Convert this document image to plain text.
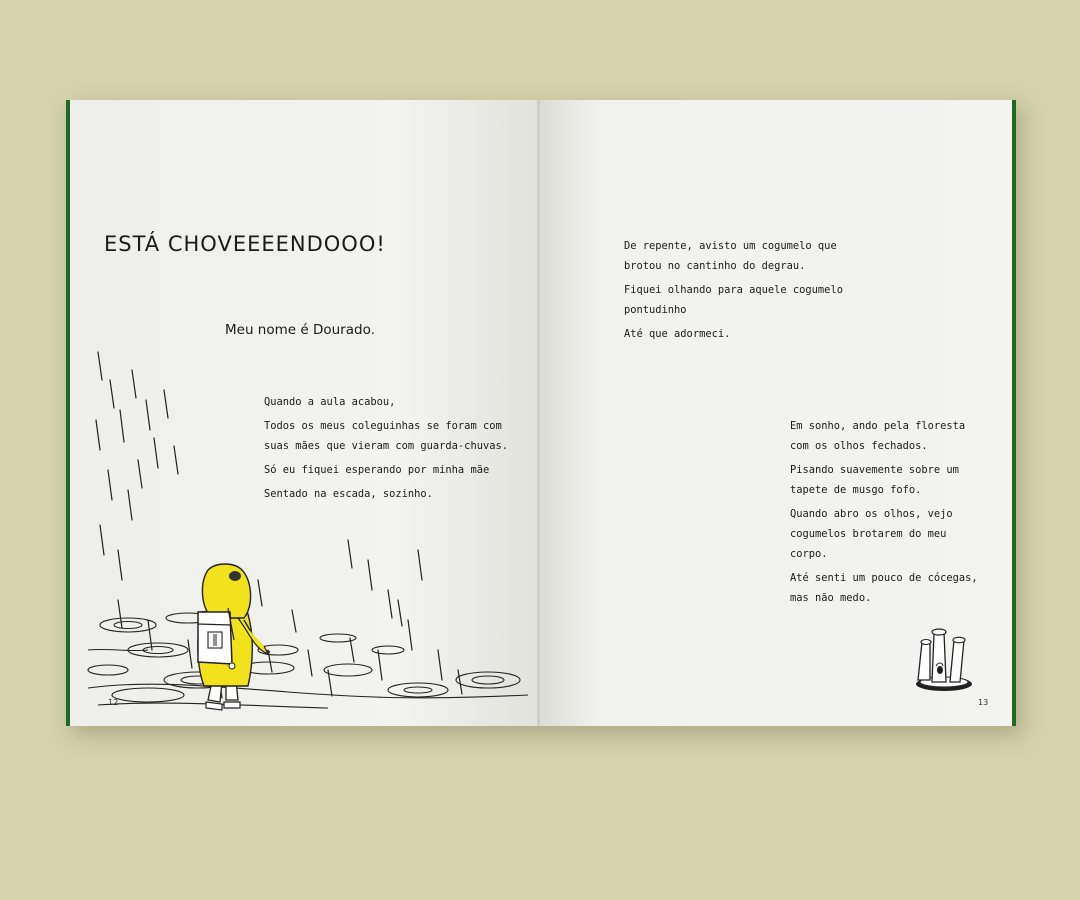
ESTÁ CHOVEEEENDOOO!
Meu nome é Dourado.

Quando a aula acabou,

Todos os meus coleguinhas se foram com suas mães que vieram com guarda-chuvas.

Só eu fiquei esperando por minha mãe

Sentado na escada, sozinho.

12

De repente, avisto um cogumelo que brotou no cantinho do degrau.

Fiquei olhando para aquele cogumelo pontudinho

Até que adormeci.

Em sonho, ando pela floresta com os olhos fechados.

Pisando suavemente sobre um tapete de musgo fofo.

Quando abro os olhos, vejo cogumelos brotarem do meu corpo.

Até senti um pouco de cócegas, mas não medo.

13
